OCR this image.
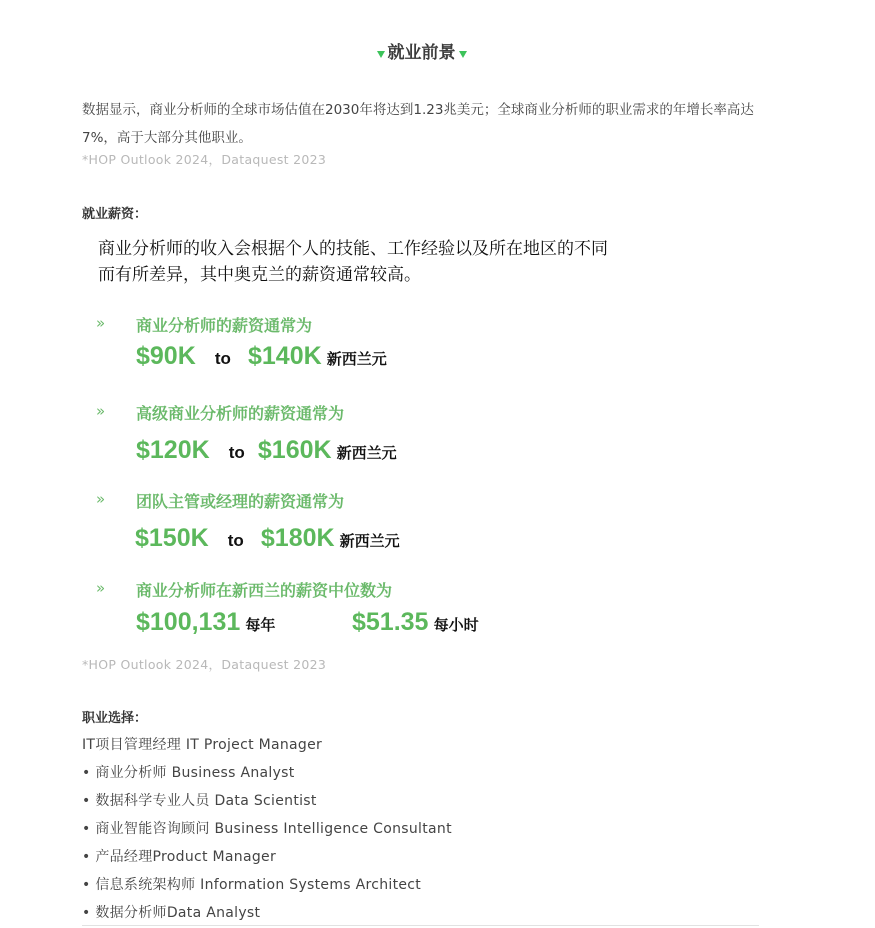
就业前景
数据显示，商业分析师的全球市场估值在2030年将达到1.23兆美元；全球商业分析师的职业需求的年增长率高达7%，高于大部分其他职业。
*HOP Outlook 2024，Dataquest 2023
就业薪资：
商业分析师的收入会根据个人的技能、工作经验以及所在地区的不同而有所差异，其中奥克兰的薪资通常较高。
» 商业分析师的薪资通常为
$90K to $140K 新西兰元
» 高级商业分析师的薪资通常为
$120K to $160K 新西兰元
» 团队主管或经理的薪资通常为
$150K to $180K 新西兰元
» 商业分析师在新西兰的薪资中位数为
$100,131 每年	$51.35 每小时
*HOP Outlook 2024，Dataquest 2023
职业选择：
IT项目管理经理 IT Project Manager
• 商业分析师 Business Analyst
• 数据科学专业人员 Data Scientist
• 商业智能咨询顾问 Business Intelligence Consultant
• 产品经理Product Manager
• 信息系统架构师 Information Systems Architect
• 数据分析师Data Analyst
